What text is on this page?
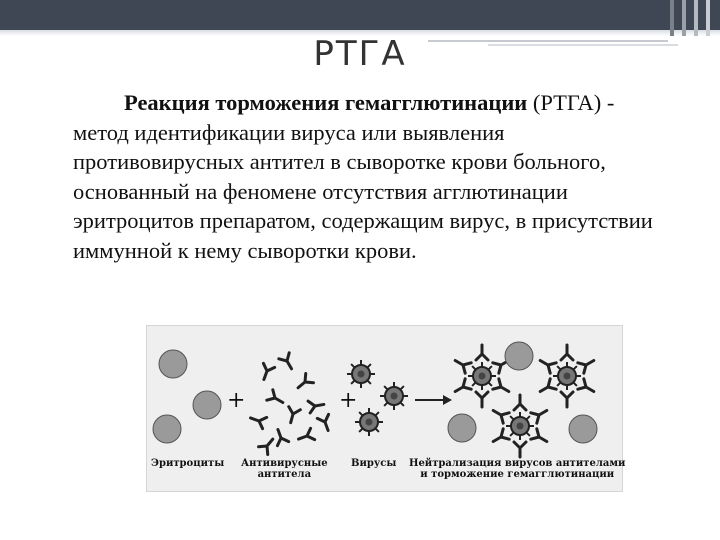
РТГА

Реакция торможения гемагглютинации (РТГА) - метод идентификации вируса или выявления противовирусных антител в сыворотке крови больного, основанный на феномене отсутствия агглютинации эритроцитов препаратом, содержащим вирус, в присутствии иммунной к нему сыворотки крови.

+	+
Эритроциты Антивирусные
антитела
Вирусы Нейтрализация вирусов антителами
и торможение гемагглютинации
